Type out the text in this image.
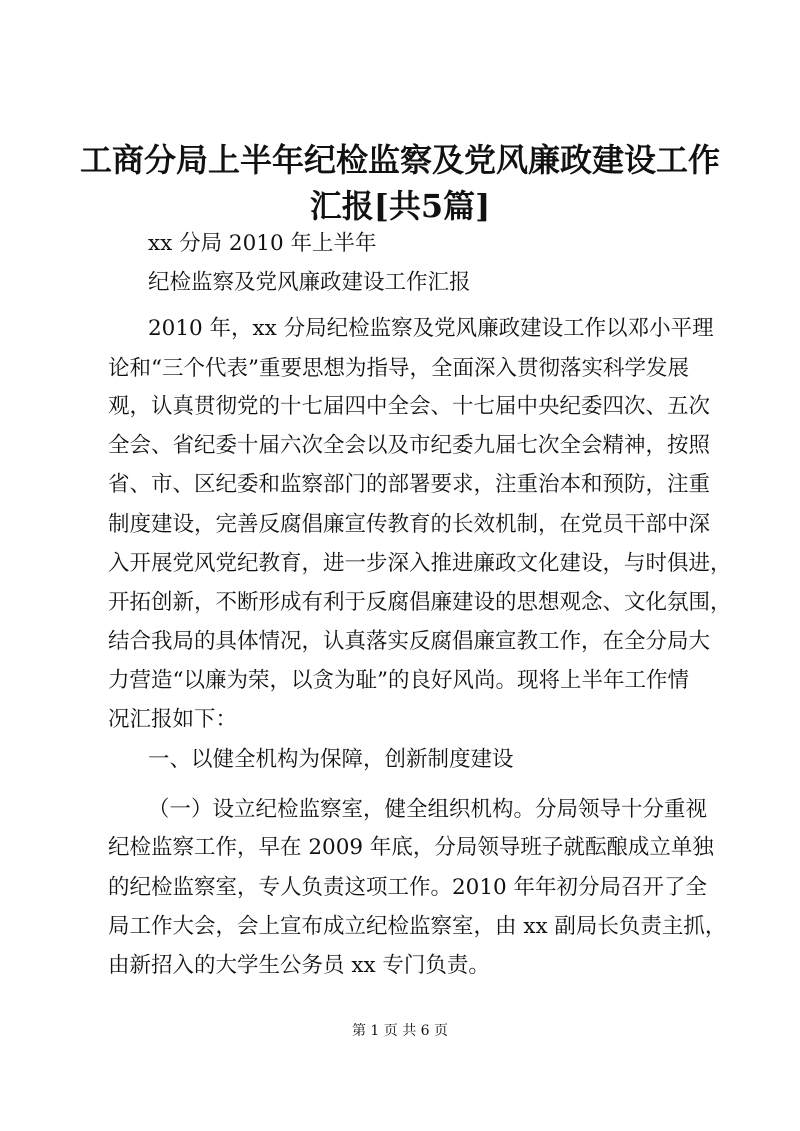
工商分局上半年纪检监察及党风廉政建设工作
汇报[共5篇]

xx 分局 2010 年上半年

纪检监察及党风廉政建设工作汇报

2010 年，xx 分局纪检监察及党风廉政建设工作以邓小平理

论和“三个代表”重要思想为指导，全面深入贯彻落实科学发展

观，认真贯彻党的十七届四中全会、十七届中央纪委四次、五次

全会、省纪委十届六次全会以及市纪委九届七次全会精神，按照

省、市、区纪委和监察部门的部署要求，注重治本和预防，注重

制度建设，完善反腐倡廉宣传教育的长效机制，在党员干部中深

入开展党风党纪教育，进一步深入推进廉政文化建设，与时俱进，

开拓创新，不断形成有利于反腐倡廉建设的思想观念、文化氛围，

结合我局的具体情况，认真落实反腐倡廉宣教工作，在全分局大

力营造“以廉为荣，以贪为耻”的良好风尚。现将上半年工作情

况汇报如下：

一、以健全机构为保障，创新制度建设

（一）设立纪检监察室，健全组织机构。分局领导十分重视

纪检监察工作，早在 2009 年底，分局领导班子就酝酿成立单独

的纪检监察室，专人负责这项工作。2010 年年初分局召开了全

局工作大会，会上宣布成立纪检监察室，由 xx 副局长负责主抓，

由新招入的大学生公务员 xx 专门负责。

第 1 页 共 6 页
